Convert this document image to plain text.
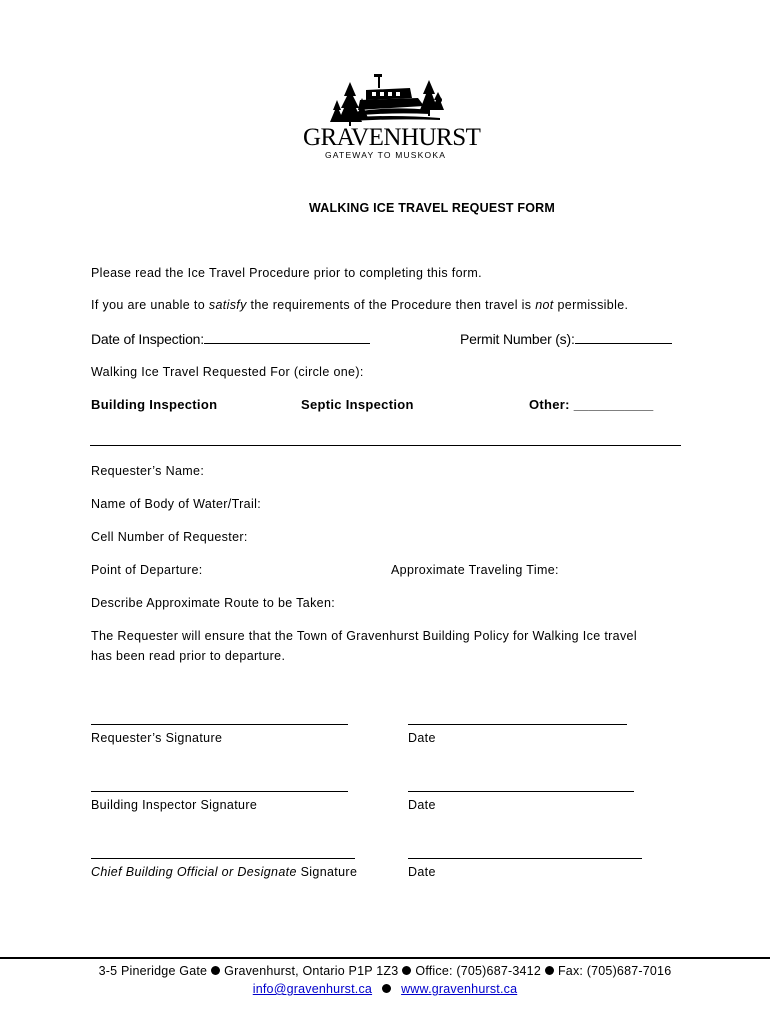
GRAVENHURST
GATEWAY TO MUSKOKA
WALKING ICE TRAVEL REQUEST FORM
Please read the Ice Travel Procedure prior to completing this form.
If you are unable to satisfy the requirements of the Procedure then travel is not permissible.
Date of Inspection:	Permit Number (s):
Walking Ice Travel Requested For (circle one):
Building Inspection	Septic Inspection	Other: ___________
Requester’s Name:
Name of Body of Water/Trail:
Cell Number of Requester:
Point of Departure:	Approximate Traveling Time:
Describe Approximate Route to be Taken:
The Requester will ensure that the Town of Gravenhurst Building Policy for Walking Ice travel
has been read prior to departure.
Requester’s Signature	Date
Building Inspector Signature	Date
Chief Building Official or Designate Signature	Date
3-5 Pineridge Gate Gravenhurst, Ontario P1P 1Z3 Office: (705)687-3412 Fax: (705)687-7016
info@gravenhurst.ca www.gravenhurst.ca
